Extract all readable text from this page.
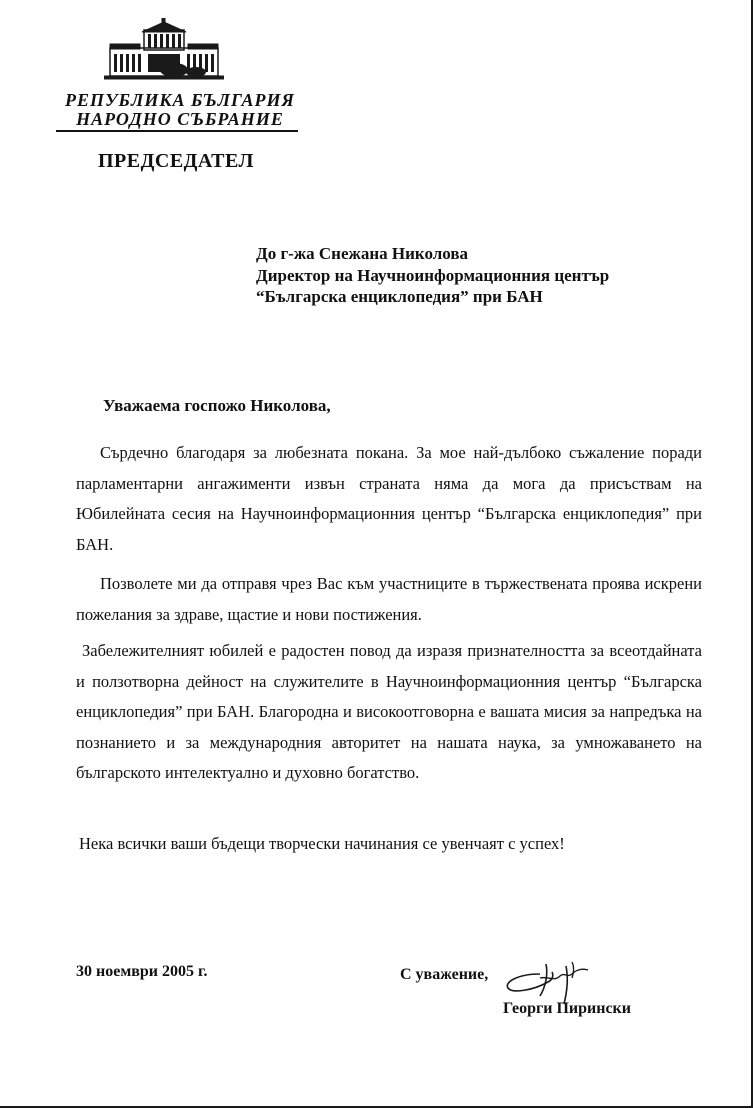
РЕПУБЛИКА БЪЛГАРИЯ
НАРОДНО СЪБРАНИЕ
ПРЕДСЕДАТЕЛ
До г-жа Снежана Николова
Директор на Научноинформационния център
“Българска енциклопедия” при БАН
Уважаема госпожо Николова,
Сърдечно благодаря за любезната покана. За мое най-дълбоко съжаление поради парламентарни ангажименти извън страната няма да мога да присъствам на Юбилейната сесия на Научноинформационния център “Българска енциклопедия” при БАН.
Позволете ми да отправя чрез Вас към участниците в тържествената проява искрени пожелания за здраве, щастие и нови постижения.
Забележителният юбилей е радостен повод да изразя признателността за всеотдайната и ползотворна дейност на служителите в Научноинформационния център “Българска енциклопедия” при БАН. Благородна и високоотговорна е вашата мисия за напредъка на познанието и за международния авторитет на нашата наука, за умножаването на българското интелектуално и духовно богатство.
Нека всички ваши бъдещи творчески начинания се увенчаят с успех!
30 ноември 2005 г.	С уважение,
Георги Пирински
